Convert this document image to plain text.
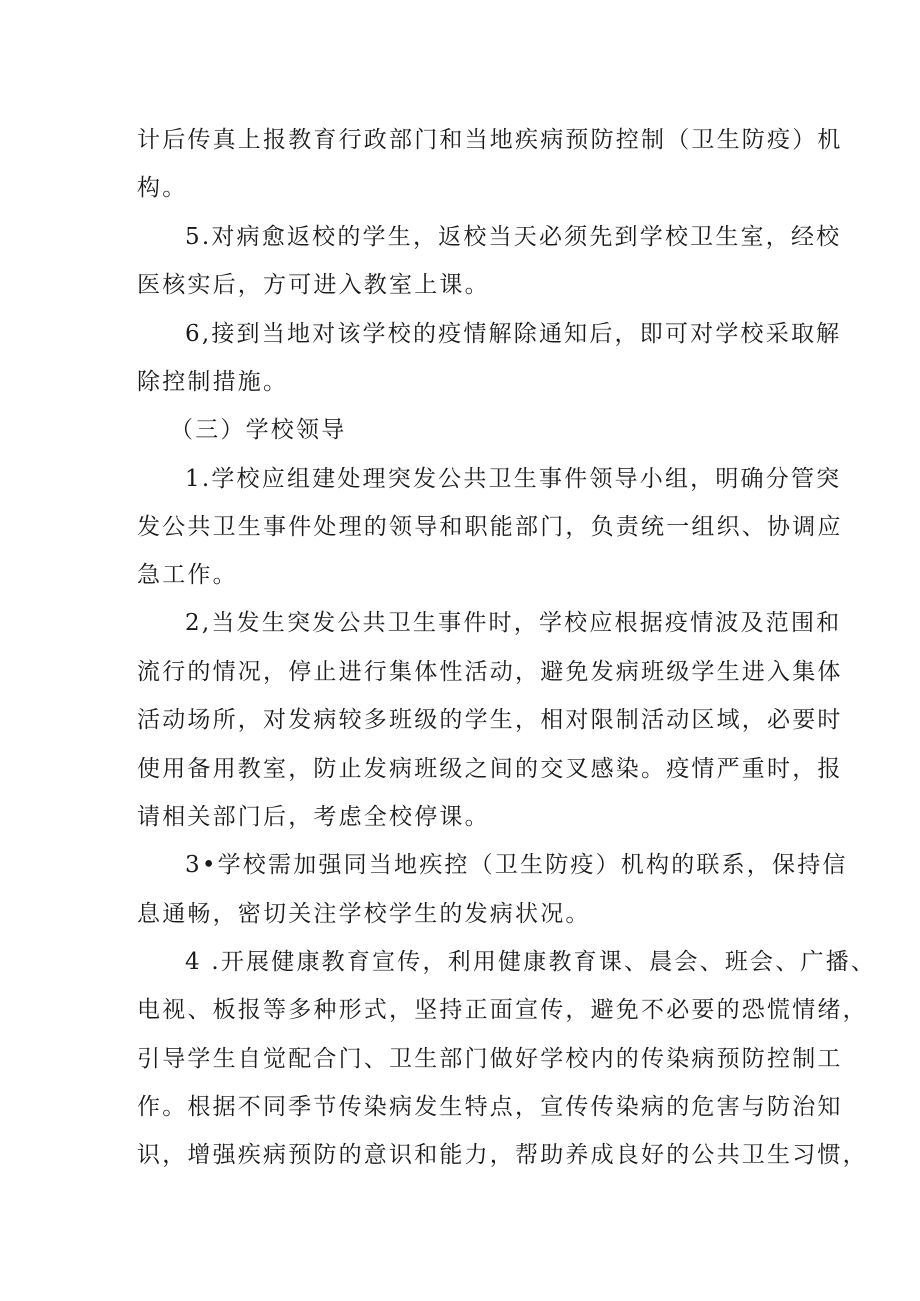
计后传真上报教育行政部门和当地疾病预防控制（卫生防疫）机
构。
5.对病愈返校的学生，返校当天必须先到学校卫生室，经校
医核实后，方可进入教室上课。
6,接到当地对该学校的疫情解除通知后，即可对学校采取解
除控制措施。
（三）学校领导
1.学校应组建处理突发公共卫生事件领导小组，明确分管突
发公共卫生事件处理的领导和职能部门，负责统一组织、协调应
急工作。
2,当发生突发公共卫生事件时，学校应根据疫情波及范围和
流行的情况，停止进行集体性活动，避免发病班级学生进入集体
活动场所，对发病较多班级的学生，相对限制活动区域，必要时
使用备用教室，防止发病班级之间的交叉感染。疫情严重时，报
请相关部门后，考虑全校停课。
3•学校需加强同当地疾控（卫生防疫）机构的联系，保持信
息通畅，密切关注学校学生的发病状况。
4 .开展健康教育宣传，利用健康教育课、晨会、班会、广播、
电视、板报等多种形式，坚持正面宣传，避免不必要的恐慌情绪，
引导学生自觉配合门、卫生部门做好学校内的传染病预防控制工
作。根据不同季节传染病发生特点，宣传传染病的危害与防治知
识，增强疾病预防的意识和能力，帮助养成良好的公共卫生习惯，
